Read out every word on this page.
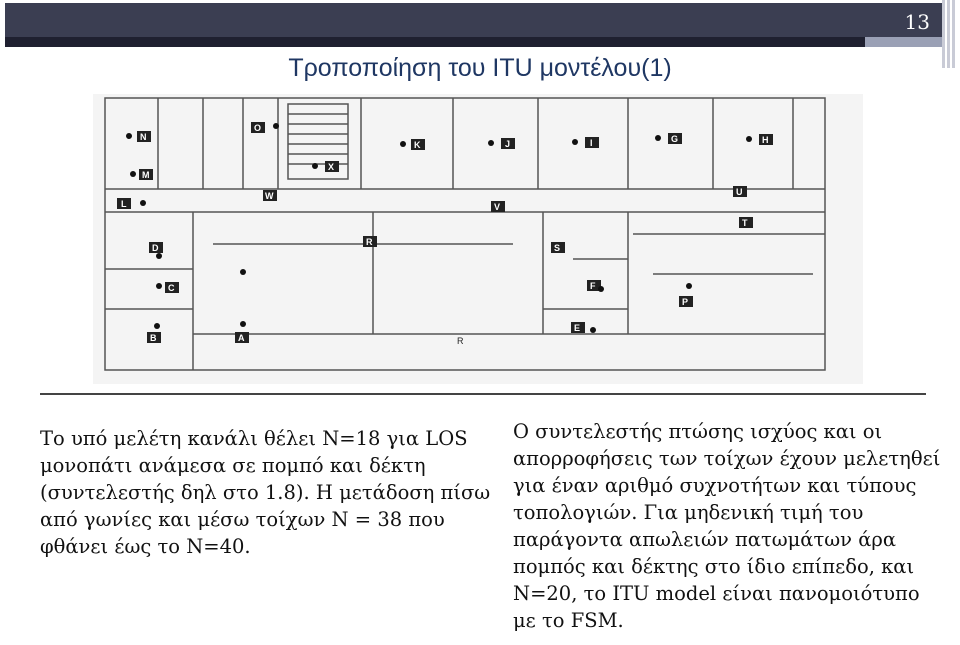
13
Τροποποίηση του ITU μοντέλου(1)
N
O
M
L
X
W
K	J	I	G	H
U
V
T
R
S
D
C	F
P
E
B	A	R
Το υπό μελέτη κανάλι θέλει N=18 για LOS μονοπάτι ανάμεσα σε πομπό και δέκτη (συντελεστής δηλ στο 1.8). Η μετάδοση πίσω από γωνίες και μέσω τοίχων N = 38 που φθάνει έως το N=40.
Ο συντελεστής πτώσης ισχύος και οι απορροφήσεις των τοίχων έχουν μελετηθεί για έναν αριθμό συχνοτήτων και τύπους τοπολογιών. Για μηδενική τιμή του παράγοντα απωλειών πατωμάτων άρα πομπός και δέκτης στο ίδιο επίπεδο, και N=20, το ITU model είναι πανομοιότυπο με το FSM.
